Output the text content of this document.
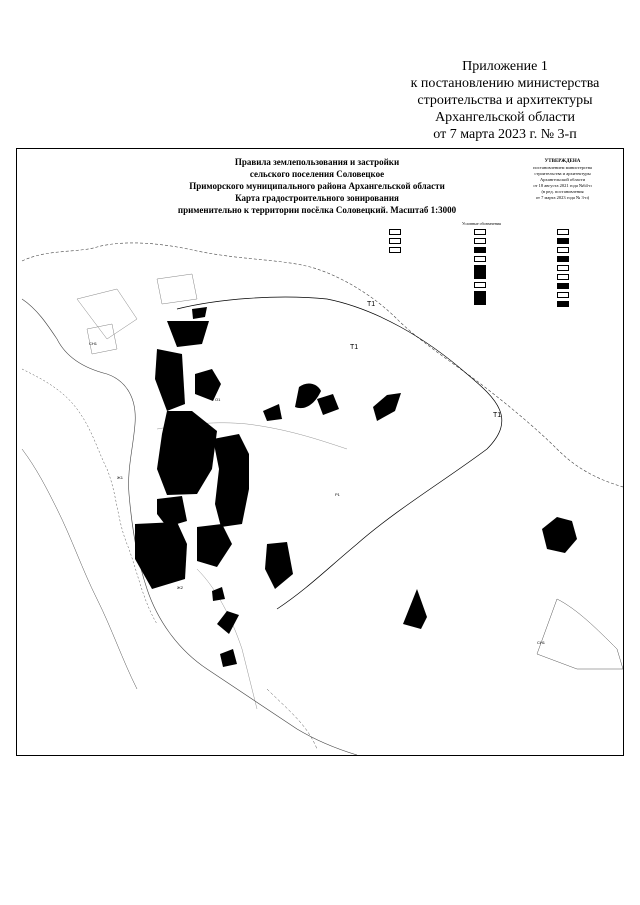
Приложение 1
к постановлению министерства
строительства и архитектуры
Архангельской области
от 7 марта 2023 г. № 3-п
Т1
Т1
Т1
Ж1
Ж1
Ж2
О1
О1
Р1
Р1
СН1
СН1
Д1
Правила землепользования и застройки
сельского поселения Соловецкое
Приморского муниципального района Архангельской области
Карта градостроительного зонирования
применительно к территории посёлка Соловецкий. Масштаб 1:3000
УТВЕРЖДЕНА
постановлением министерства
строительства и архитектуры
Архангельской области
от 18 августа 2021 года №64-п
(в ред. постановления
от 7 марта 2023 года № 3-п)
Условные обозначения
